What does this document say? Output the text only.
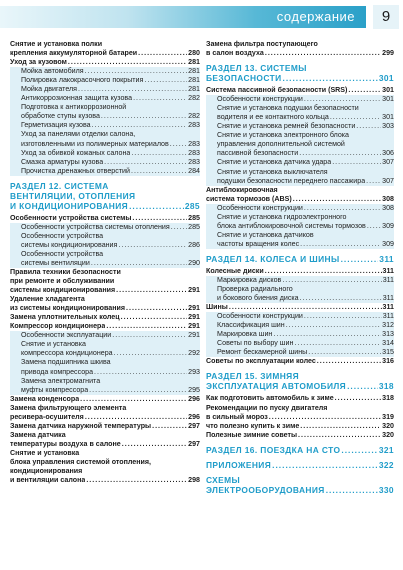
содержание	9
Снятие и установка полки
крепления аккумуляторной батареи .....	280
Уход за кузовом .....	281
Мойка автомобиля .....	281
Полировка лакокрасочного покрытия .....	281
Мойка двигателя .....	281
Антикоррозионная защита кузова .....	282
Подготовка к антикоррозионной
обработке ступы кузова .....	282
Герметизация кузова .....	283
Уход за панелями отделки салона,
изготовленными из полимерных материалов .....	283
Уход за обивкой кожаных салона .....	283
Смазка арматуры кузова .....	283
Прочистка дренажных отверстий .....	284
РАЗДЕЛ 12. СИСТЕМА
ВЕНТИЛЯЦИИ, ОТОПЛЕНИЯ
И КОНДИЦИОНИРОВАНИЯ .....	285
Особенности устройства системы .....	285
Особенности устройства системы отопления .....	285
Особенности устройства
системы кондиционирования .....	286
Особенности устройства
системы вентиляции .....	290
Правила техники безопасности
при ремонте и обслуживании
системы кондиционирования .....	291
Удаление хладагента
из системы кондиционирования .....	291
Замена уплотнительных колец .....	291
Компрессор кондиционера .....	291
Особенности эксплуатации .....	291
Снятие и установка
компрессора кондиционера .....	292
Замена подшипника шкива
привода компрессора .....	293
Замена электромагнита
муфты компрессора .....	295
Замена конденсора .....	296
Замена фильтрующего элемента
ресивера-осушителя .....	296
Замена датчика наружной температуры .....	297
Замена датчика
температуры воздуха в салоне .....	297
Снятие и установка
блока управления системой отопления,
кондиционирования
и вентиляции салона .....	298
Замена фильтра поступающего
в салон воздуха .....	299
РАЗДЕЛ 13. СИСТЕМЫ
БЕЗОПАСНОСТИ .....	301
Система пассивной безопасности (SRS) .....	301
Особенности конструкции .....	301
Снятие и установка подушки безопасности
водителя и ее контактного кольца .....	301
Снятие и установка ремней безопасности .....	303
Снятие и установка электронного блока
управления дополнительной системой
пассивной безопасности .....	306
Снятие и установка датчика удара .....	307
Снятие и установка выключателя
подушки безопасности переднего пассажира ..... 307
Антиблокировочная
система тормозов (ABS) .....	308
Особенности конструкции .....	308
Снятие и установка гидроэлектронного
блока антиблокировочной системы тормозов ..... 309
Снятие и установка датчиков
частоты вращения колес .....	309
РАЗДЕЛ 14. КОЛЕСА И ШИНЫ .....	311
Колесные диски .....	311
Маркировка дисков .....	311
Проверка радиального
и бокового биения диска .....	311
Шины .....	311
Особенности конструкции .....	311
Классификация шин .....	312
Маркировка шин .....	313
Советы по выбору шин .....	314
Ремонт бескамерной шины .....	315
Советы по эксплуатации колес .....	316
РАЗДЕЛ 15. ЗИМНЯЯ
ЭКСПЛУАТАЦИЯ АВТОМОБИЛЯ .....	318
Как подготовить автомобиль к зиме .....	318
Рекомендации по пуску двигателя
в сильный мороз .....	319
что полезно купить к зиме .....	320
Полезные зимние советы .....	320
РАЗДЕЛ 16. ПОЕЗДКА НА СТО .....	321
ПРИЛОЖЕНИЯ .....	322
СХЕМЫ
ЭЛЕКТРООБОРУДОВАНИЯ .....	330
